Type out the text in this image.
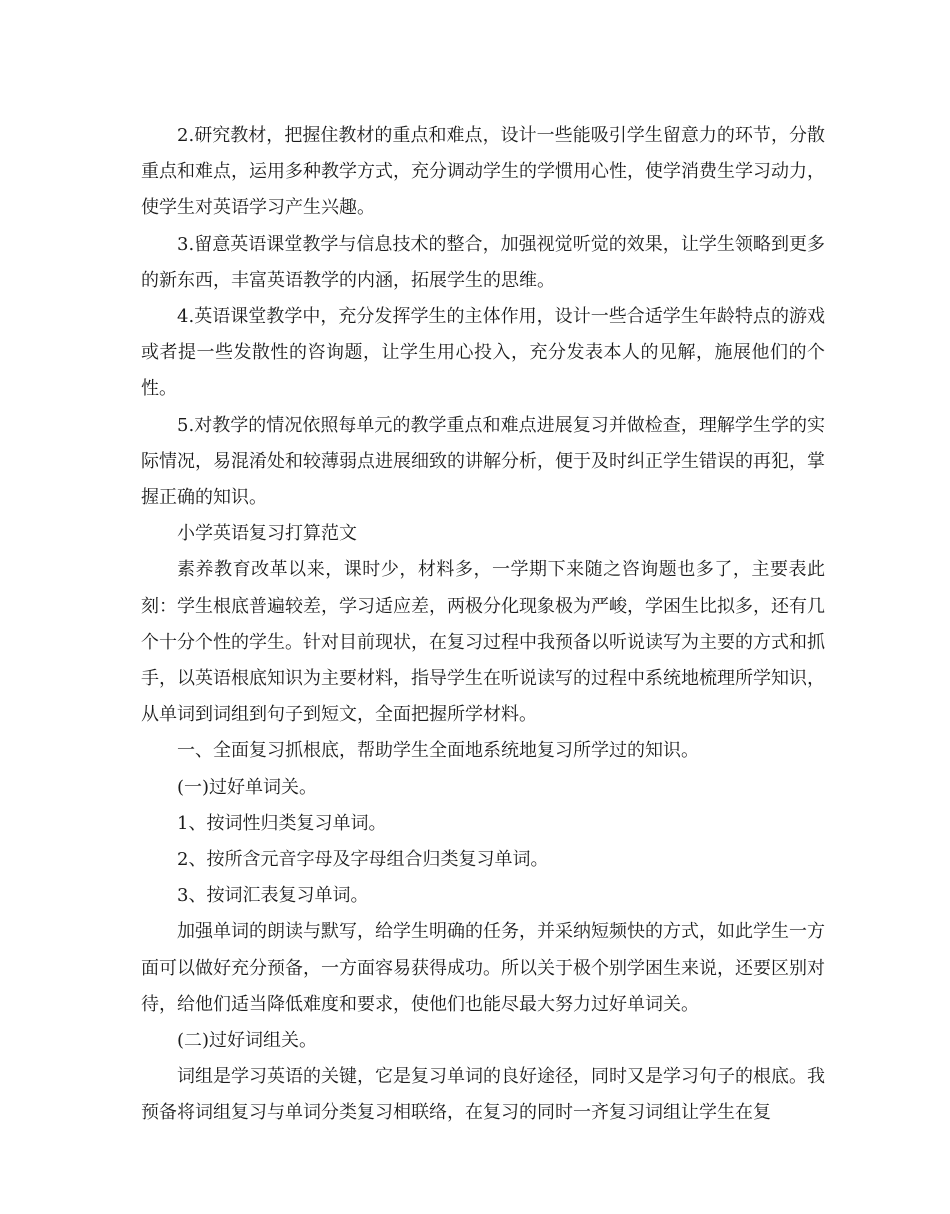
2.研究教材，把握住教材的重点和难点，设计一些能吸引学生留意力的环节，分散重点和难点，运用多种教学方式，充分调动学生的学惯用心性，使学消费生学习动力，使学生对英语学习产生兴趣。

3.留意英语课堂教学与信息技术的整合，加强视觉听觉的效果，让学生领略到更多的新东西，丰富英语教学的内涵，拓展学生的思维。

4.英语课堂教学中，充分发挥学生的主体作用，设计一些合适学生年龄特点的游戏或者提一些发散性的咨询题，让学生用心投入，充分发表本人的见解，施展他们的个性。

5.对教学的情况依照每单元的教学重点和难点进展复习并做检查，理解学生学的实际情况，易混淆处和较薄弱点进展细致的讲解分析，便于及时纠正学生错误的再犯，掌握正确的知识。

小学英语复习打算范文

素养教育改革以来，课时少，材料多，一学期下来随之咨询题也多了，主要表此刻：学生根底普遍较差，学习适应差，两极分化现象极为严峻，学困生比拟多，还有几个十分个性的学生。针对目前现状，在复习过程中我预备以听说读写为主要的方式和抓手，以英语根底知识为主要材料，指导学生在听说读写的过程中系统地梳理所学知识，从单词到词组到句子到短文，全面把握所学材料。

一、全面复习抓根底，帮助学生全面地系统地复习所学过的知识。

(一)过好单词关。

1、按词性归类复习单词。

2、按所含元音字母及字母组合归类复习单词。

3、按词汇表复习单词。

加强单词的朗读与默写，给学生明确的任务，并采纳短频快的方式，如此学生一方面可以做好充分预备，一方面容易获得成功。所以关于极个别学困生来说，还要区别对待，给他们适当降低难度和要求，使他们也能尽最大努力过好单词关。

(二)过好词组关。

词组是学习英语的关键，它是复习单词的良好途径，同时又是学习句子的根底。我预备将词组复习与单词分类复习相联络，在复习的同时一齐复习词组让学生在复
